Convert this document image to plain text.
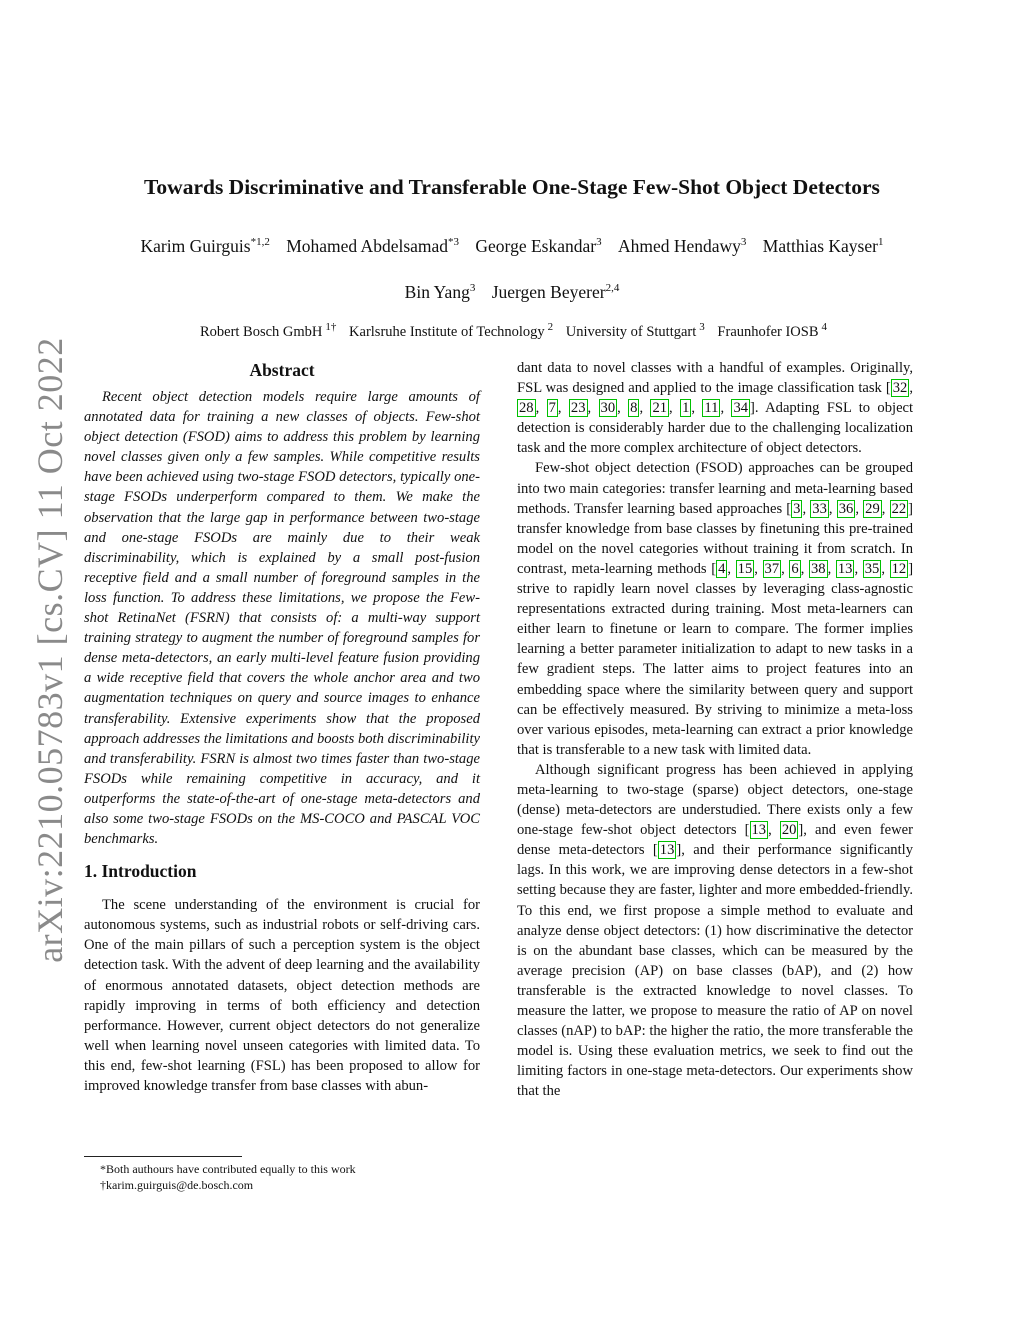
arXiv:2210.05783v1 [cs.CV] 11 Oct 2022
Towards Discriminative and Transferable One-Stage Few-Shot Object Detectors
Karim Guirguis$^{*1,2}$ Mohamed Abdelsamad$^{*3}$ George Eskandar$^3$ Ahmed Hendawy$^3$ Matthias Kayser$^1$
Bin Yang$^3$ Juergen Beyerer$^{2,4}$
Robert Bosch GmbH $^{1\dagger}$ Karlsruhe Institute of Technology $^2$ University of Stuttgart $^3$ Fraunhofer IOSB $^4$
Abstract

Recent object detection models require large amounts of annotated data for training a new classes of objects. Few-shot object detection (FSOD) aims to address this problem by learning novel classes given only a few samples. While competitive results have been achieved using two-stage FSOD detectors, typically one-stage FSODs underperform compared to them. We make the observation that the large gap in performance between two-stage and one-stage FSODs are mainly due to their weak discriminability, which is explained by a small post-fusion receptive field and a small number of foreground samples in the loss function. To address these limitations, we propose the Few-shot RetinaNet (FSRN) that consists of: a multi-way support training strategy to augment the number of foreground samples for dense meta-detectors, an early multi-level feature fusion providing a wide receptive field that covers the whole anchor area and two augmentation techniques on query and source images to enhance transferability. Extensive experiments show that the proposed approach addresses the limitations and boosts both discriminability and transferability. FSRN is almost two times faster than two-stage FSODs while remaining competitive in accuracy, and it outperforms the state-of-the-art of one-stage meta-detectors and also some two-stage FSODs on the MS-COCO and PASCAL VOC benchmarks.

1. Introduction

The scene understanding of the environment is crucial for autonomous systems, such as industrial robots or self-driving cars. One of the main pillars of such a perception system is the object detection task. With the advent of deep learning and the availability of enormous annotated datasets, object detection methods are rapidly improving in terms of both efficiency and detection performance. However, current object detectors do not generalize well when learning novel unseen categories with limited data. To this end, few-shot learning (FSL) has been proposed to allow for improved knowledge transfer from base classes with abun-

*Both authours have contributed equally to this work
†karim.guirguis@de.bosch.com

dant data to novel classes with a handful of examples. Originally, FSL was designed and applied to the image classification task [ 32 , 28 , 7 , 23 , 30 , 8 , 21 , 1 , 11 , 34 ]. Adapting FSL to object detection is considerably harder due to the challenging localization task and the more complex architecture of object detectors.

Few-shot object detection (FSOD) approaches can be grouped into two main categories: transfer learning and meta-learning based methods. Transfer learning based approaches [ 3 , 33 , 36 , 29 , 22 ] transfer knowledge from base classes by finetuning this pre-trained model on the novel categories without training it from scratch. In contrast, meta-learning methods [ 4 , 15 , 37 , 6 , 38 , 13 , 35 , 12 ] strive to rapidly learn novel classes by leveraging class-agnostic representations extracted during training. Most meta-learners can either learn to finetune or learn to compare. The former implies learning a better parameter initialization to adapt to new tasks in a few gradient steps. The latter aims to project features into an embedding space where the similarity between query and support can be effectively measured. By striving to minimize a meta-loss over various episodes, meta-learning can extract a prior knowledge that is transferable to a new task with limited data.

Although significant progress has been achieved in applying meta-learning to two-stage (sparse) object detectors, one-stage (dense) meta-detectors are understudied. There exists only a few one-stage few-shot object detectors [ 13 , 20 ], and even fewer dense meta-detectors [ 13 ], and their performance significantly lags. In this work, we are improving dense detectors in a few-shot setting because they are faster, lighter and more embedded-friendly. To this end, we first propose a simple method to evaluate and analyze dense object detectors: (1) how discriminative the detector is on the abundant base classes, which can be measured by the average precision (AP) on base classes (bAP), and (2) how transferable is the extracted knowledge to novel classes. To measure the latter, we propose to measure the ratio of AP on novel classes (nAP) to bAP: the higher the ratio, the more transferable the model is. Using these evaluation metrics, we seek to find out the limiting factors in one-stage meta-detectors. Our experiments show that the
